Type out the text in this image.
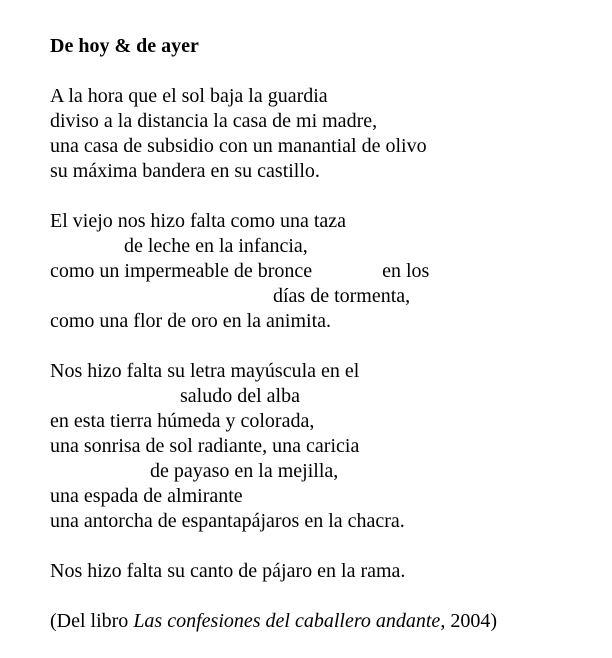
De hoy & de ayer
A la hora que el sol baja la guardia
diviso a la distancia la casa de mi madre,
una casa de subsidio con un manantial de olivo
su máxima bandera en su castillo.
El viejo nos hizo falta como una taza
de leche en la infancia,
como un impermeable de bronce	en los
días de tormenta,
como una flor de oro en la animita.
Nos hizo falta su letra mayúscula en el
saludo del alba
en esta tierra húmeda y colorada,
una sonrisa de sol radiante, una caricia
de payaso en la mejilla,
una espada de almirante
una antorcha de espantapájaros en la chacra.
Nos hizo falta su canto de pájaro en la rama.
(Del libro Las confesiones del caballero andante, 2004)
